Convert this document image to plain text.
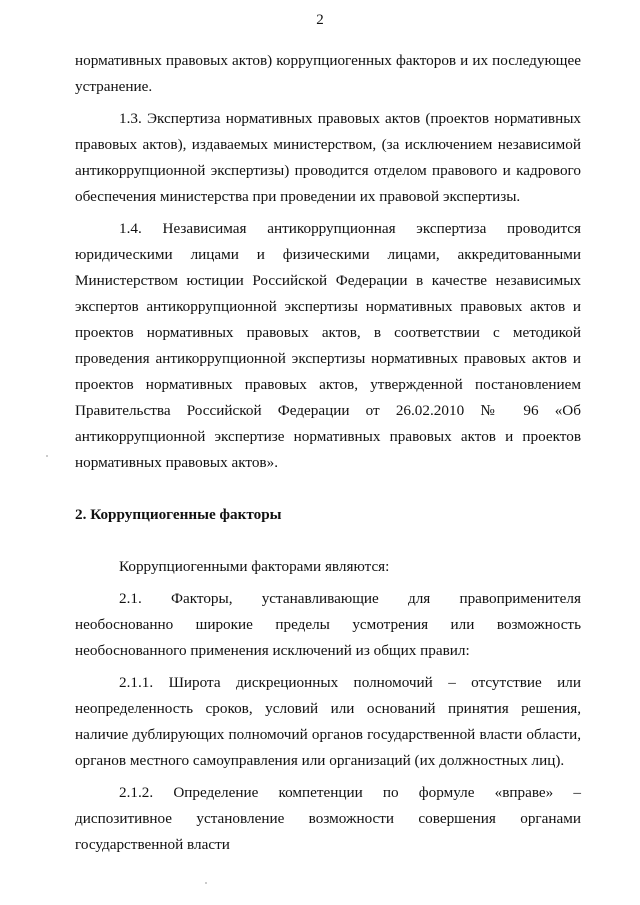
2

нормативных правовых актов) коррупциогенных факторов и их последующее устранение.

1.3. Экспертиза нормативных правовых актов (проектов нормативных правовых актов), издаваемых министерством, (за исключением независимой антикоррупционной экспертизы) проводится отделом правового и кадрового обеспечения министерства при проведении их правовой экспертизы.

1.4. Независимая антикоррупционная экспертиза проводится юридическими лицами и физическими лицами, аккредитованными Министерством юстиции Российской Федерации в качестве независимых экспертов антикоррупционной экспертизы нормативных правовых актов и проектов нормативных правовых актов, в соответствии с методикой проведения антикоррупционной экспертизы нормативных правовых актов и проектов нормативных правовых актов, утвержденной постановлением Правительства Российской Федерации от 26.02.2010 № 96 «Об антикоррупционной экспертизе нормативных правовых актов и проектов нормативных правовых актов».

2. Коррупциогенные факторы

Коррупциогенными факторами являются:

2.1. Факторы, устанавливающие для правоприменителя необоснованно широкие пределы усмотрения или возможность необоснованного применения исключений из общих правил:

2.1.1. Широта дискреционных полномочий – отсутствие или неопределенность сроков, условий или оснований принятия решения, наличие дублирующих полномочий органов государственной власти области, органов местного самоуправления или организаций (их должностных лиц).

2.1.2. Определение компетенции по формуле «вправе» – диспозитивное установление возможности совершения органами государственной власти
